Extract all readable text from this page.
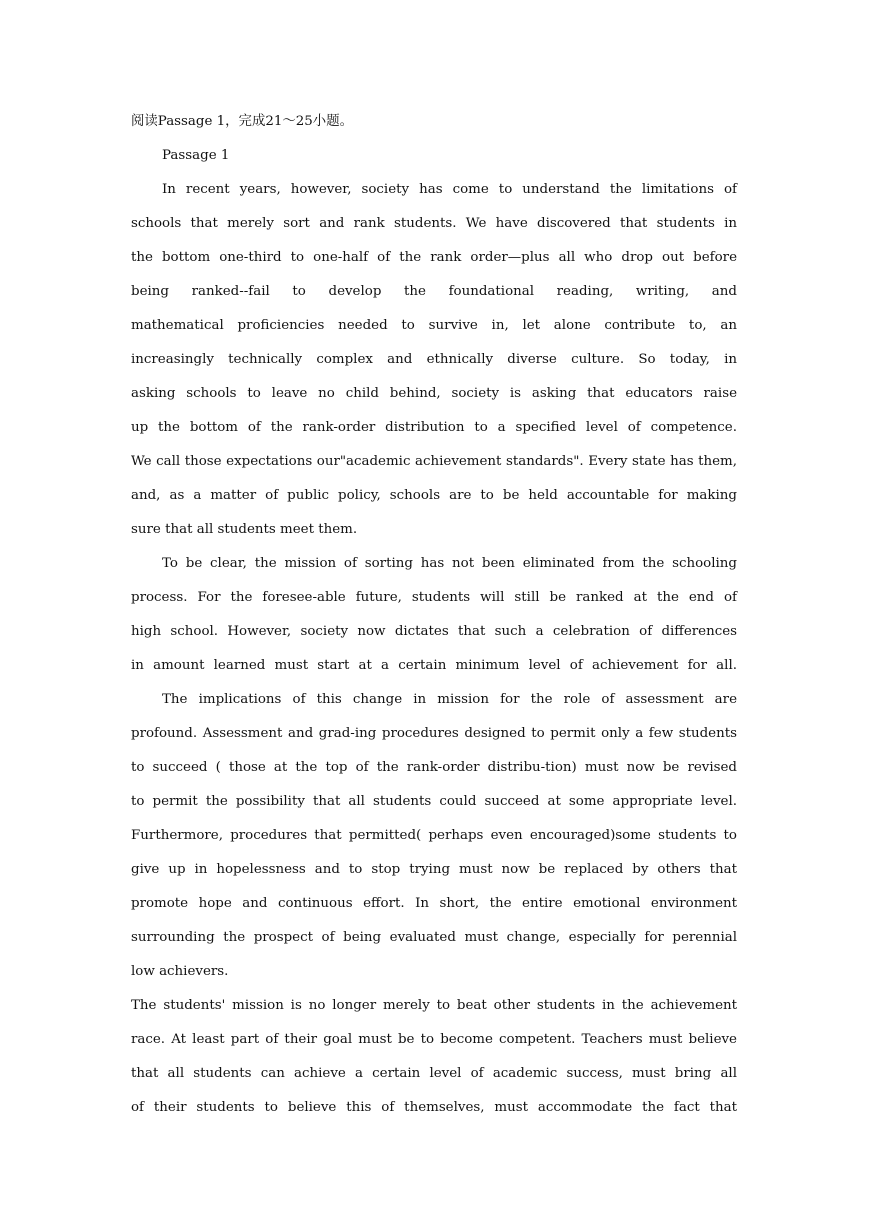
阅读Passage 1，完成21～25小题。
Passage 1
In recent years, however, society has come to understand the limitations of
schools that merely sort and rank students. We have discovered that students in
the bottom one-third to one-half of the rank order—plus all who drop out before
being ranked--fail to develop the foundational reading, writing, and
mathematical proficiencies needed to survive in, let alone contribute to, an
increasingly technically complex and ethnically diverse culture. So today, in
asking schools to leave no child behind, society is asking that educators raise
up the bottom of the rank-order distribution to a specified level of competence.
We call those expectations our"academic achievement standards". Every state has them,
and, as a matter of public policy, schools are to be held accountable for making
sure that all students meet them.
To be clear, the mission of sorting has not been eliminated from the schooling
process. For the foresee-able future, students will still be ranked at the end of
high school. However, society now dictates that such a celebration of differences
in amount learned must start at a certain minimum level of achievement for all.
The implications of this change in mission for the role of assessment are
profound. Assessment and grad-ing procedures designed to permit only a few students
to succeed ( those at the top of the rank-order distribu-tion) must now be revised
to permit the possibility that all students could succeed at some appropriate level.
Furthermore, procedures that permitted( perhaps even encouraged)some students to
give up in hopelessness and to stop trying must now be replaced by others that
promote hope and continuous effort. In short, the entire emotional environment
surrounding the prospect of being evaluated must change, especially for perennial
low achievers.
The students' mission is no longer merely to beat other students in the achievement
race. At least part of their goal must be to become competent. Teachers must believe
that all students can achieve a certain level of academic success, must bring all
of their students to believe this of themselves, must accommodate the fact that
